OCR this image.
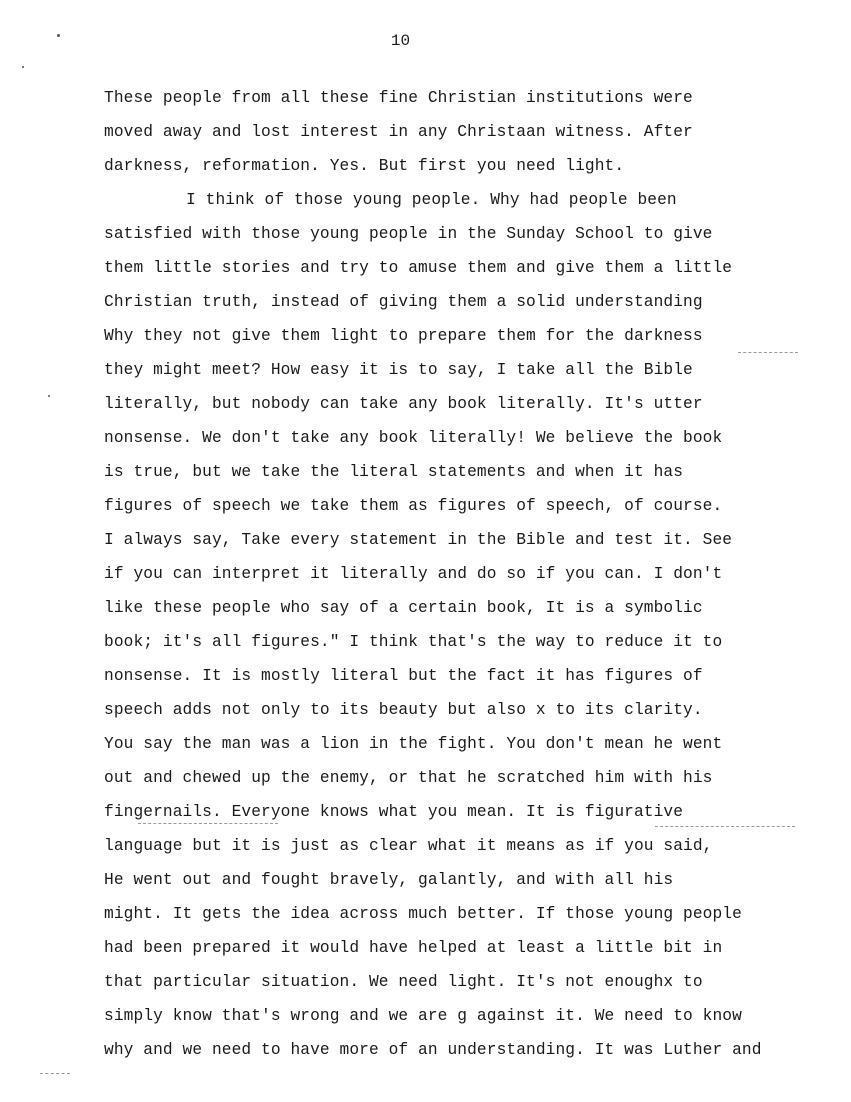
10
These people from all these fine Christian institutions were
moved away and lost interest in any Christaan witness. After
darkness, reformation. Yes. But first you need light.
I think of those young people. Why had people been
satisfied with those young people in the Sunday School to give
them little stories and try to amuse them and give them a little
Christian truth, instead of giving them a solid understanding
Why they not give them light to prepare them for the darkness
they might meet? How easy it is to say, I take all the Bible
literally, but nobody can take any book literally. It's utter
nonsense. We don't take any book literally! We believe the book
is true, but we take the literal statements and when it has
figures of speech we take them as figures of speech, of course.
I always say, Take every statement in the Bible and test it. See
if you can interpret it literally and do so if you can. I don't
like these people who say of a certain book, It is a symbolic
book; it's all figures." I think that's the way to reduce it to
nonsense. It is mostly literal but the fact it has figures of
speech adds not only to its beauty but also x to its clarity.
You say the man was a lion in the fight. You don't mean he went
out and chewed up the enemy, or that he scratched him with his
fingernails. Everyone knows what you mean. It is figurative
language but it is just as clear what it means as if you said,
He went out and fought bravely, galantly, and with all his
might. It gets the idea across much better. If those young people
had been prepared it would have helped at least a little bit in
that particular situation. We need light. It's not enoughx to
simply know that's wrong and we are g against it. We need to know
why and we need to have more of an understanding. It was Luther and
